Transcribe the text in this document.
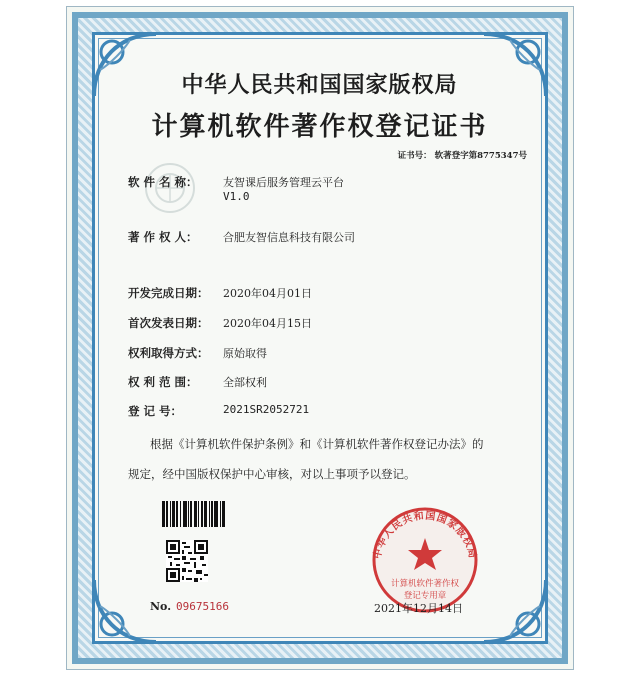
中华人民共和国国家版权局
计算机软件著作权登记证书
证书号： 软著登字第8775347号
软 件 名 称： 友智课后服务管理云平台
V1.0
著 作 权 人： 合肥友智信息科技有限公司
开发完成日期： 2020年04月01日
首次发表日期： 2020年04月15日
权利取得方式： 原始取得
权 利 范 围： 全部权利
登 记 号：	2021SR2052721
根据《计算机软件保护条例》和《计算机软件著作权登记办法》的
规定，经中国版权保护中心审核，对以上事项予以登记。
中华人民共和国国家版权局
计算机软件著作权
登记专用章
No. 09675166	2021年12月14日
